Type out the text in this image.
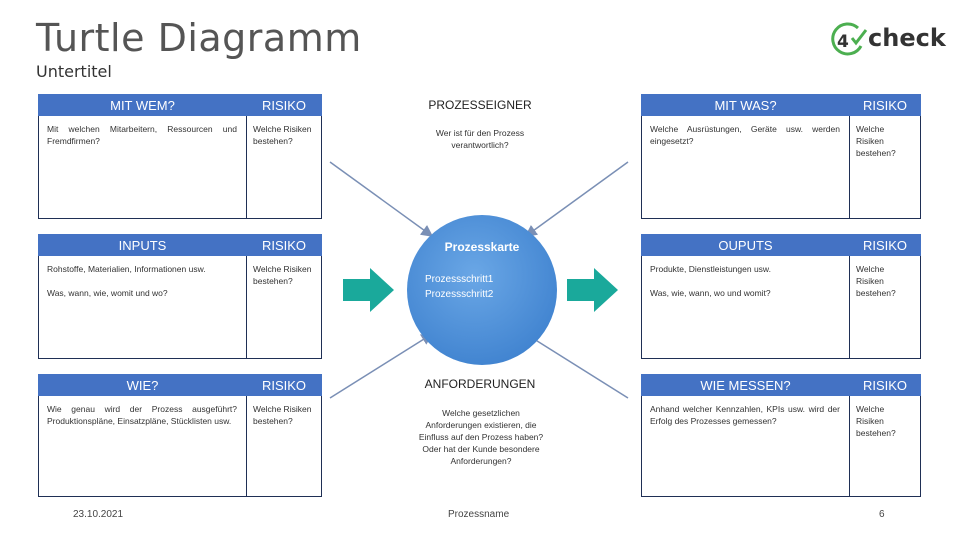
Turtle Diagramm
Untertitel
4 check
MIT WEM?	RISIKO
Mit welchen Mitarbeitern, Ressourcen und Fremdfirmen?
Welche Risiken bestehen?
INPUTS	RISIKO
Rohstoffe, Materialien, Informationen usw.
Was, wann, wie, womit und wo?
Welche Risiken bestehen?
WIE?	RISIKO
Wie genau wird der Prozess ausgeführt? Produktionspläne, Einsatzpläne, Stücklisten usw.
Welche Risiken bestehen?
MIT WAS?	RISIKO
Welche Ausrüstungen, Geräte usw. werden eingesetzt?
Welche Risiken bestehen?
OUPUTS	RISIKO
Produkte, Dienstleistungen usw.
Was, wie, wann, wo und womit?
Welche Risiken bestehen?
WIE MESSEN?	RISIKO
Anhand welcher Kennzahlen, KPIs usw. wird der Erfolg des Prozesses gemessen?
Welche Risiken bestehen?
PROZESSEIGNER
Wer ist für den Prozess verantwortlich?
Prozesskarte
Prozessschritt1
Prozessschritt2
ANFORDERUNGEN
Welche gesetzlichen Anforderungen existieren, die Einfluss auf den Prozess haben? Oder hat der Kunde besondere Anforderungen?
23.10.2021	Prozessname	6
